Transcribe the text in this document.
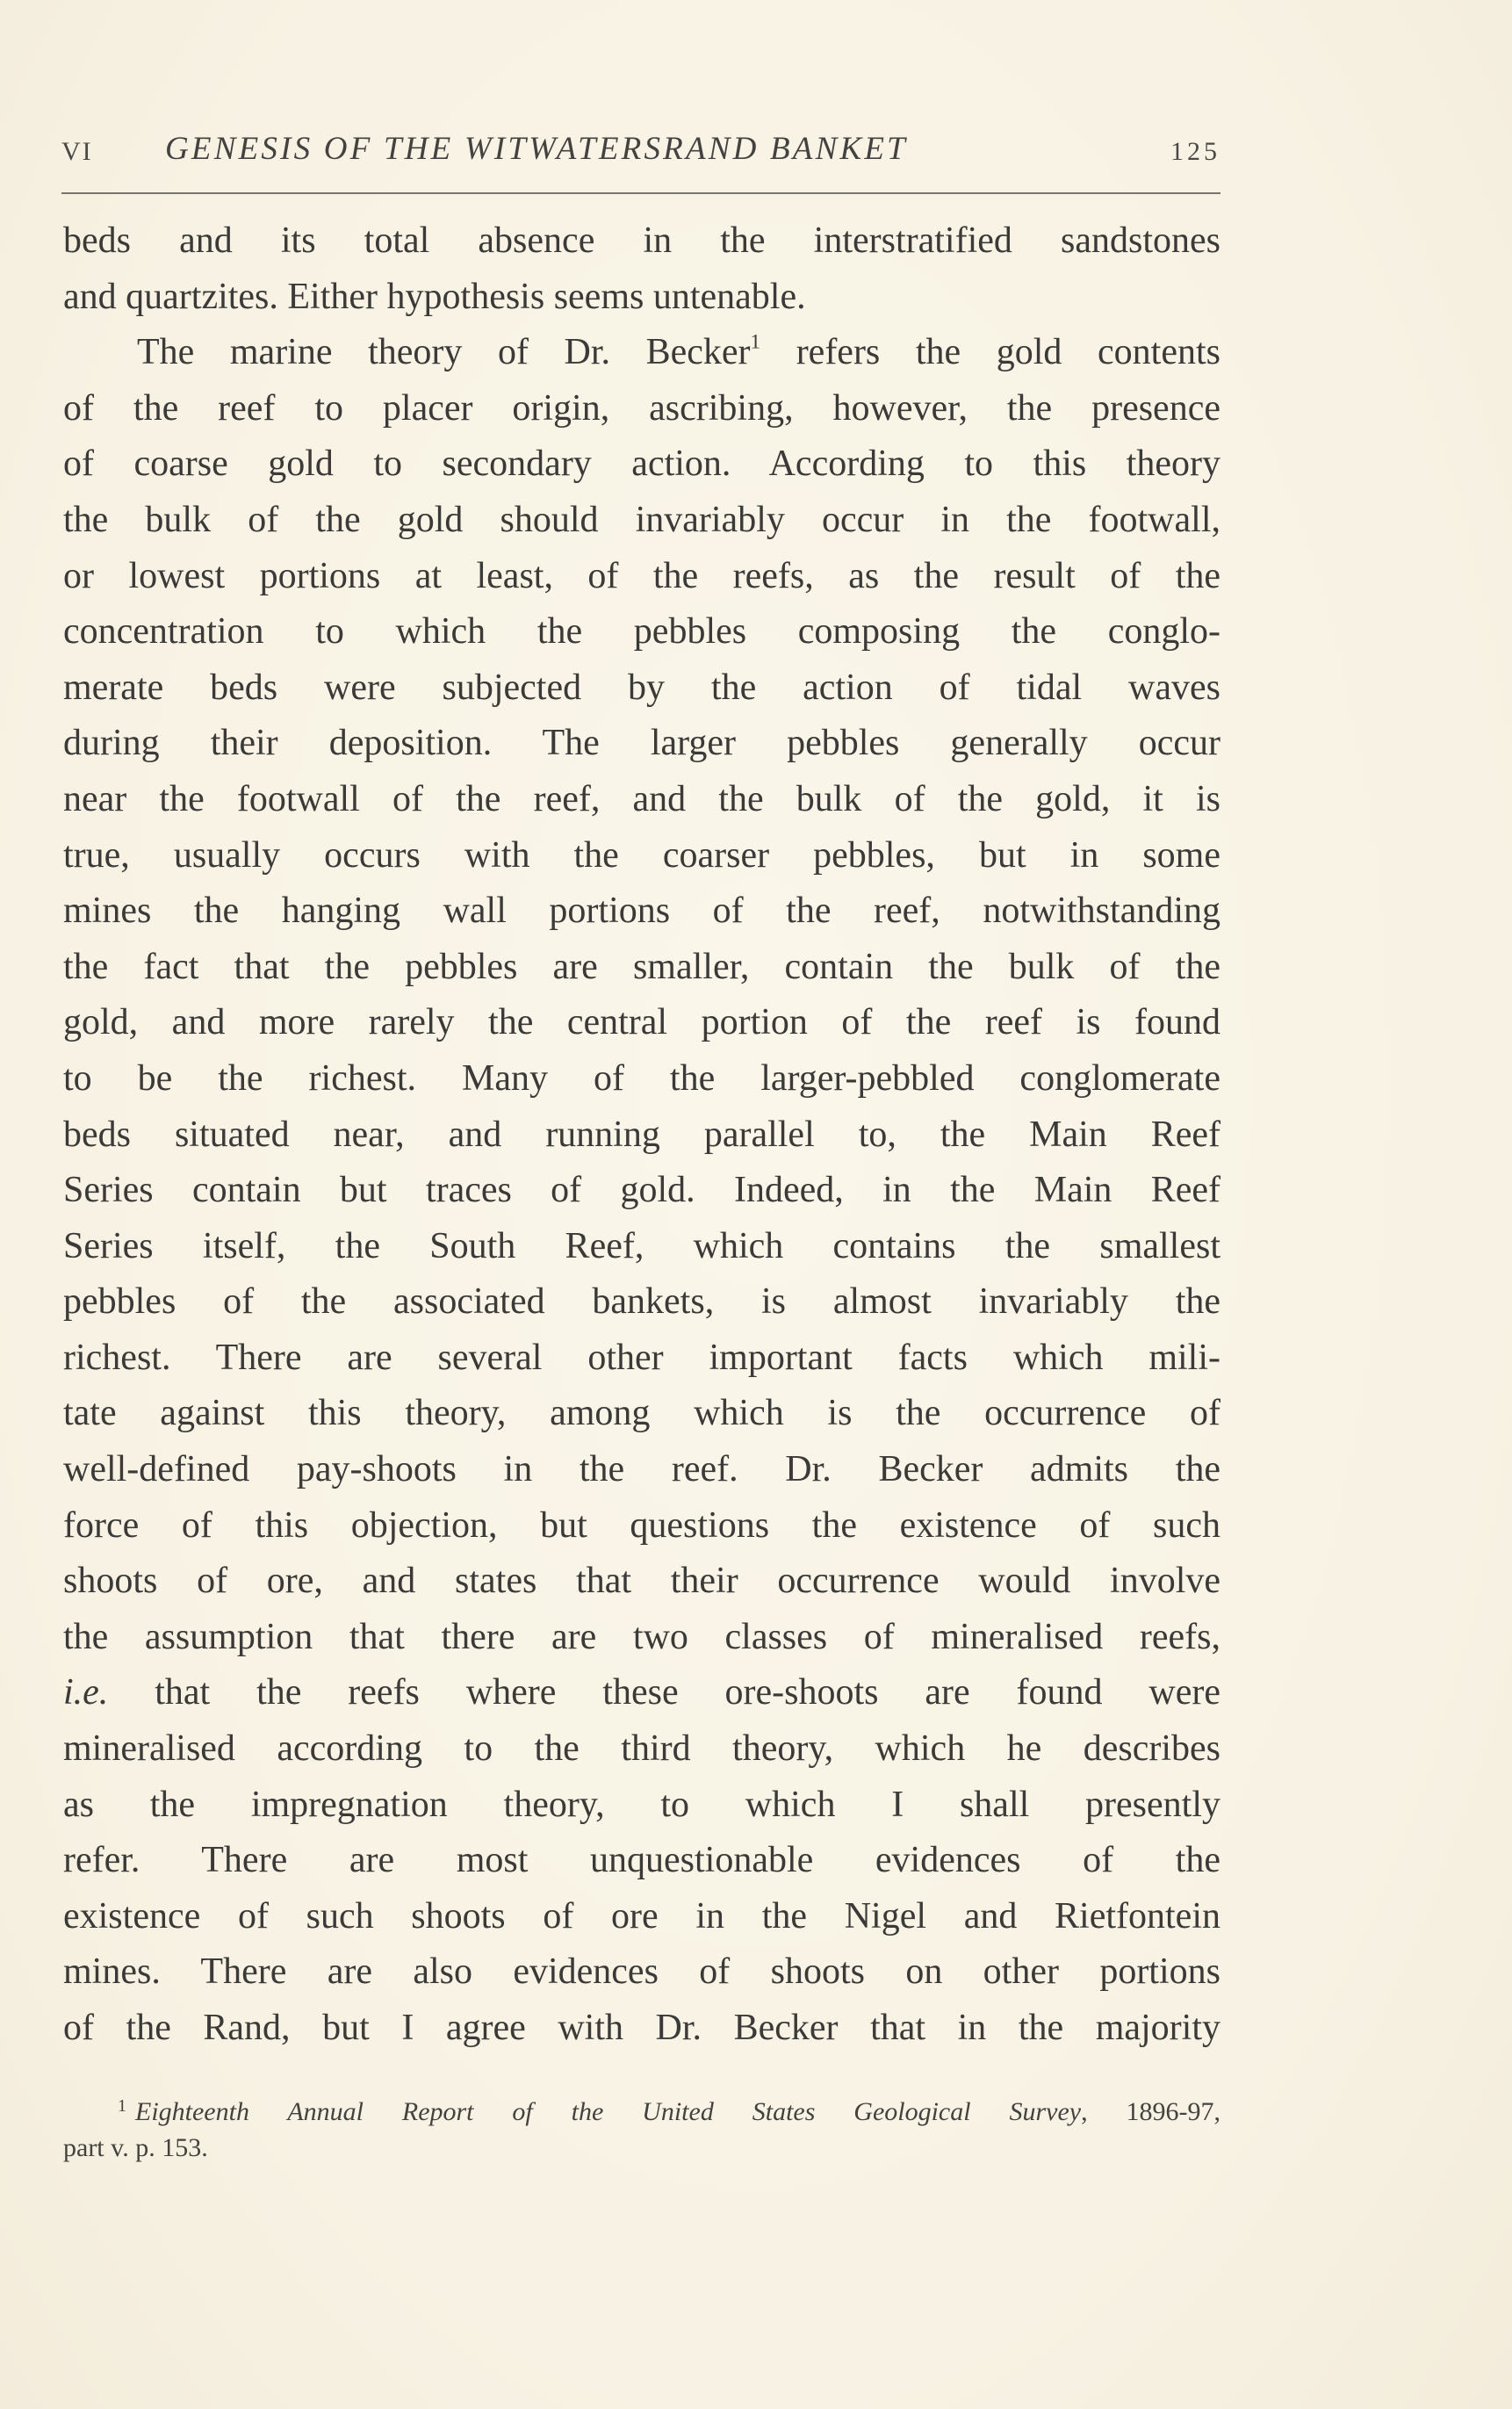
VI GENESIS OF THE WITWATERSRAND BANKET	125
beds and its total absence in the interstratified sandstones
and quartzites. Either hypothesis seems untenable.
The marine theory of Dr. Becker$^1$ refers the gold contents
of the reef to placer origin, ascribing, however, the presence
of coarse gold to secondary action. According to this theory
the bulk of the gold should invariably occur in the footwall,
or lowest portions at least, of the reefs, as the result of the
concentration to which the pebbles composing the conglo-
merate beds were subjected by the action of tidal waves
during their deposition. The larger pebbles generally occur
near the footwall of the reef, and the bulk of the gold, it is
true, usually occurs with the coarser pebbles, but in some
mines the hanging wall portions of the reef, notwithstanding
the fact that the pebbles are smaller, contain the bulk of the
gold, and more rarely the central portion of the reef is found
to be the richest. Many of the larger-pebbled conglomerate
beds situated near, and running parallel to, the Main Reef
Series contain but traces of gold. Indeed, in the Main Reef
Series itself, the South Reef, which contains the smallest
pebbles of the associated bankets, is almost invariably the
richest. There are several other important facts which mili-
tate against this theory, among which is the occurrence of
well-defined pay-shoots in the reef. Dr. Becker admits the
force of this objection, but questions the existence of such
shoots of ore, and states that their occurrence would involve
the assumption that there are two classes of mineralised reefs,
i.e. that the reefs where these ore-shoots are found were
mineralised according to the third theory, which he describes
as the impregnation theory, to which I shall presently
refer. There are most unquestionable evidences of the
existence of such shoots of ore in the Nigel and Rietfontein
mines. There are also evidences of shoots on other portions
of the Rand, but I agree with Dr. Becker that in the majority
$^1$ Eighteenth Annual Report of the United States Geological Survey, 1896-97,
part v. p. 153.
